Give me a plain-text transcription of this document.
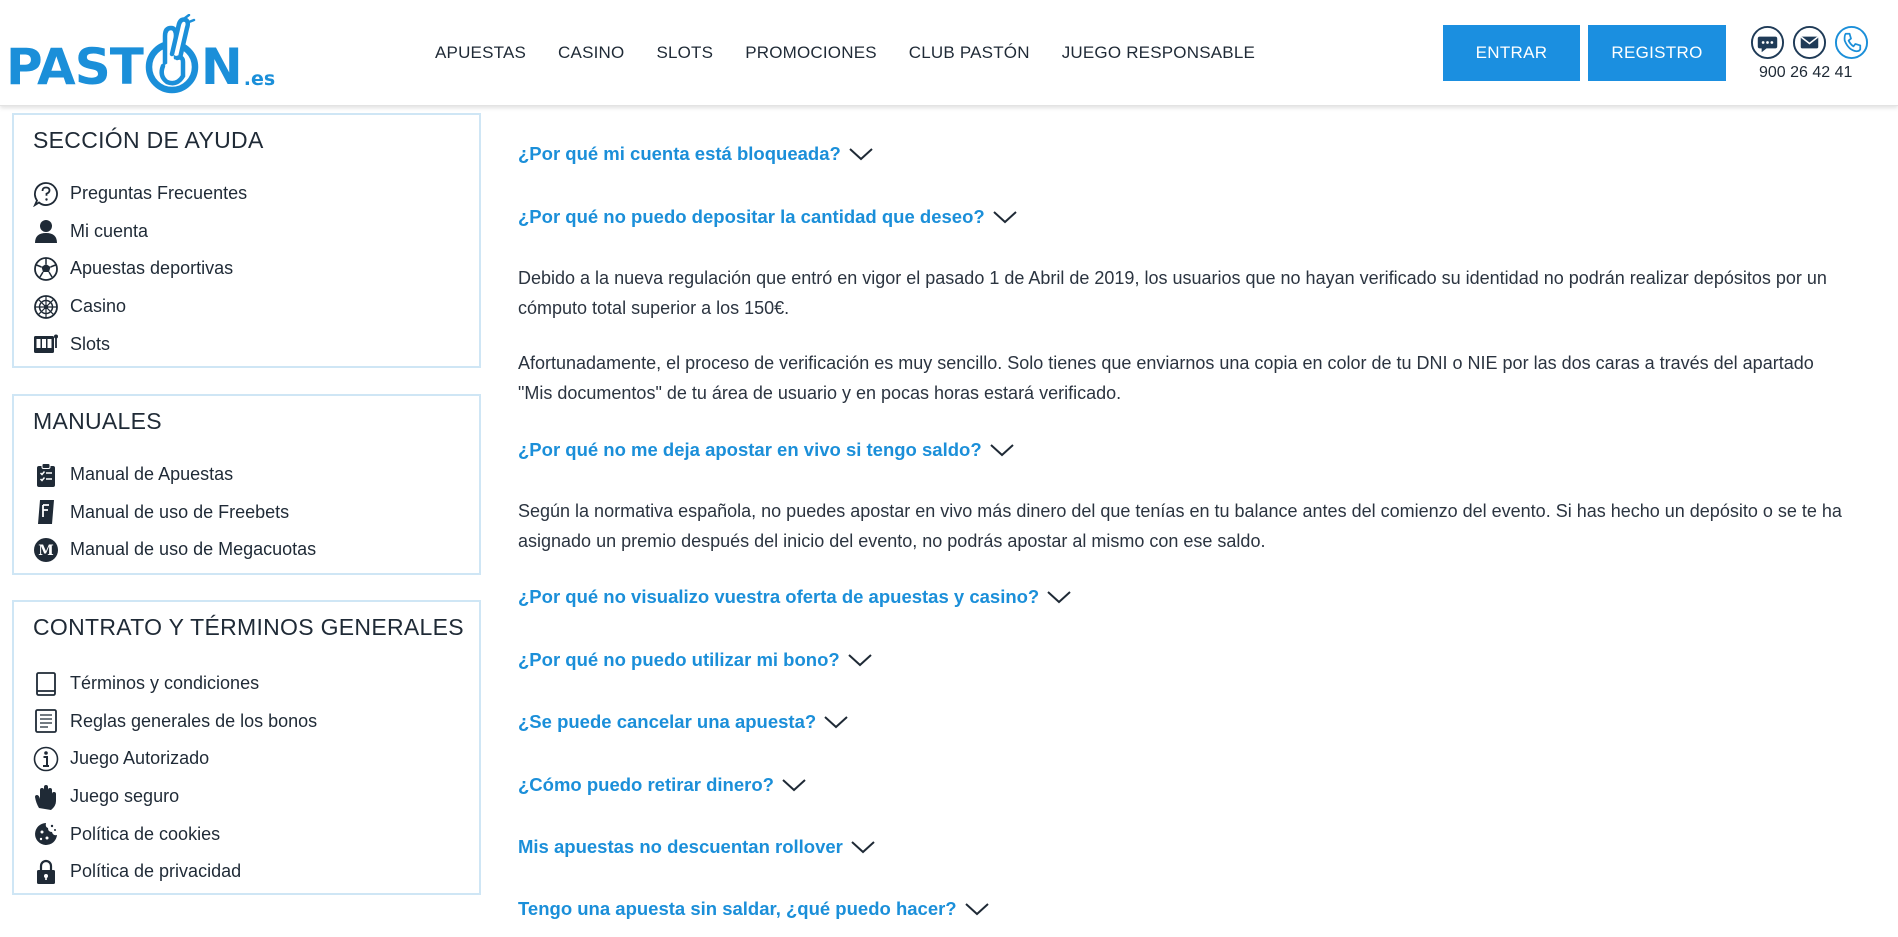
PAST N .es
APUESTAS CASINO SLOTS PROMOCIONES CLUB PASTÓN JUEGO RESPONSABLE	ENTRAR	REGISTRO
900 26 42 41
SECCIÓN DE AYUDA
Preguntas Frecuentes
Mi cuenta
Apuestas deportivas
Casino
Slots
MANUALES
Manual de Apuestas
Manual de uso de Freebets
M Manual de uso de Megacuotas
CONTRATO Y TÉRMINOS GENERALES
Términos y condiciones
Reglas generales de los bonos
Juego Autorizado
Juego seguro
Política de cookies
Política de privacidad
¿Por qué mi cuenta está bloqueada?
¿Por qué no puedo depositar la cantidad que deseo?

Debido a la nueva regulación que entró en vigor el pasado 1 de Abril de 2019, los usuarios que no hayan verificado su identidad no podrán realizar depósitos por un cómputo total superior a los 150€.

Afortunadamente, el proceso de verificación es muy sencillo. Solo tienes que enviarnos una copia en color de tu DNI o NIE por las dos caras a través del apartado "Mis documentos" de tu área de usuario y en pocas horas estará verificado.

¿Por qué no me deja apostar en vivo si tengo saldo?

Según la normativa española, no puedes apostar en vivo más dinero del que tenías en tu balance antes del comienzo del evento. Si has hecho un depósito o se te ha asignado un premio después del inicio del evento, no podrás apostar al mismo con ese saldo.

¿Por qué no visualizo vuestra oferta de apuestas y casino?
¿Por qué no puedo utilizar mi bono?
¿Se puede cancelar una apuesta?
¿Cómo puedo retirar dinero?
Mis apuestas no descuentan rollover
Tengo una apuesta sin saldar, ¿qué puedo hacer?
